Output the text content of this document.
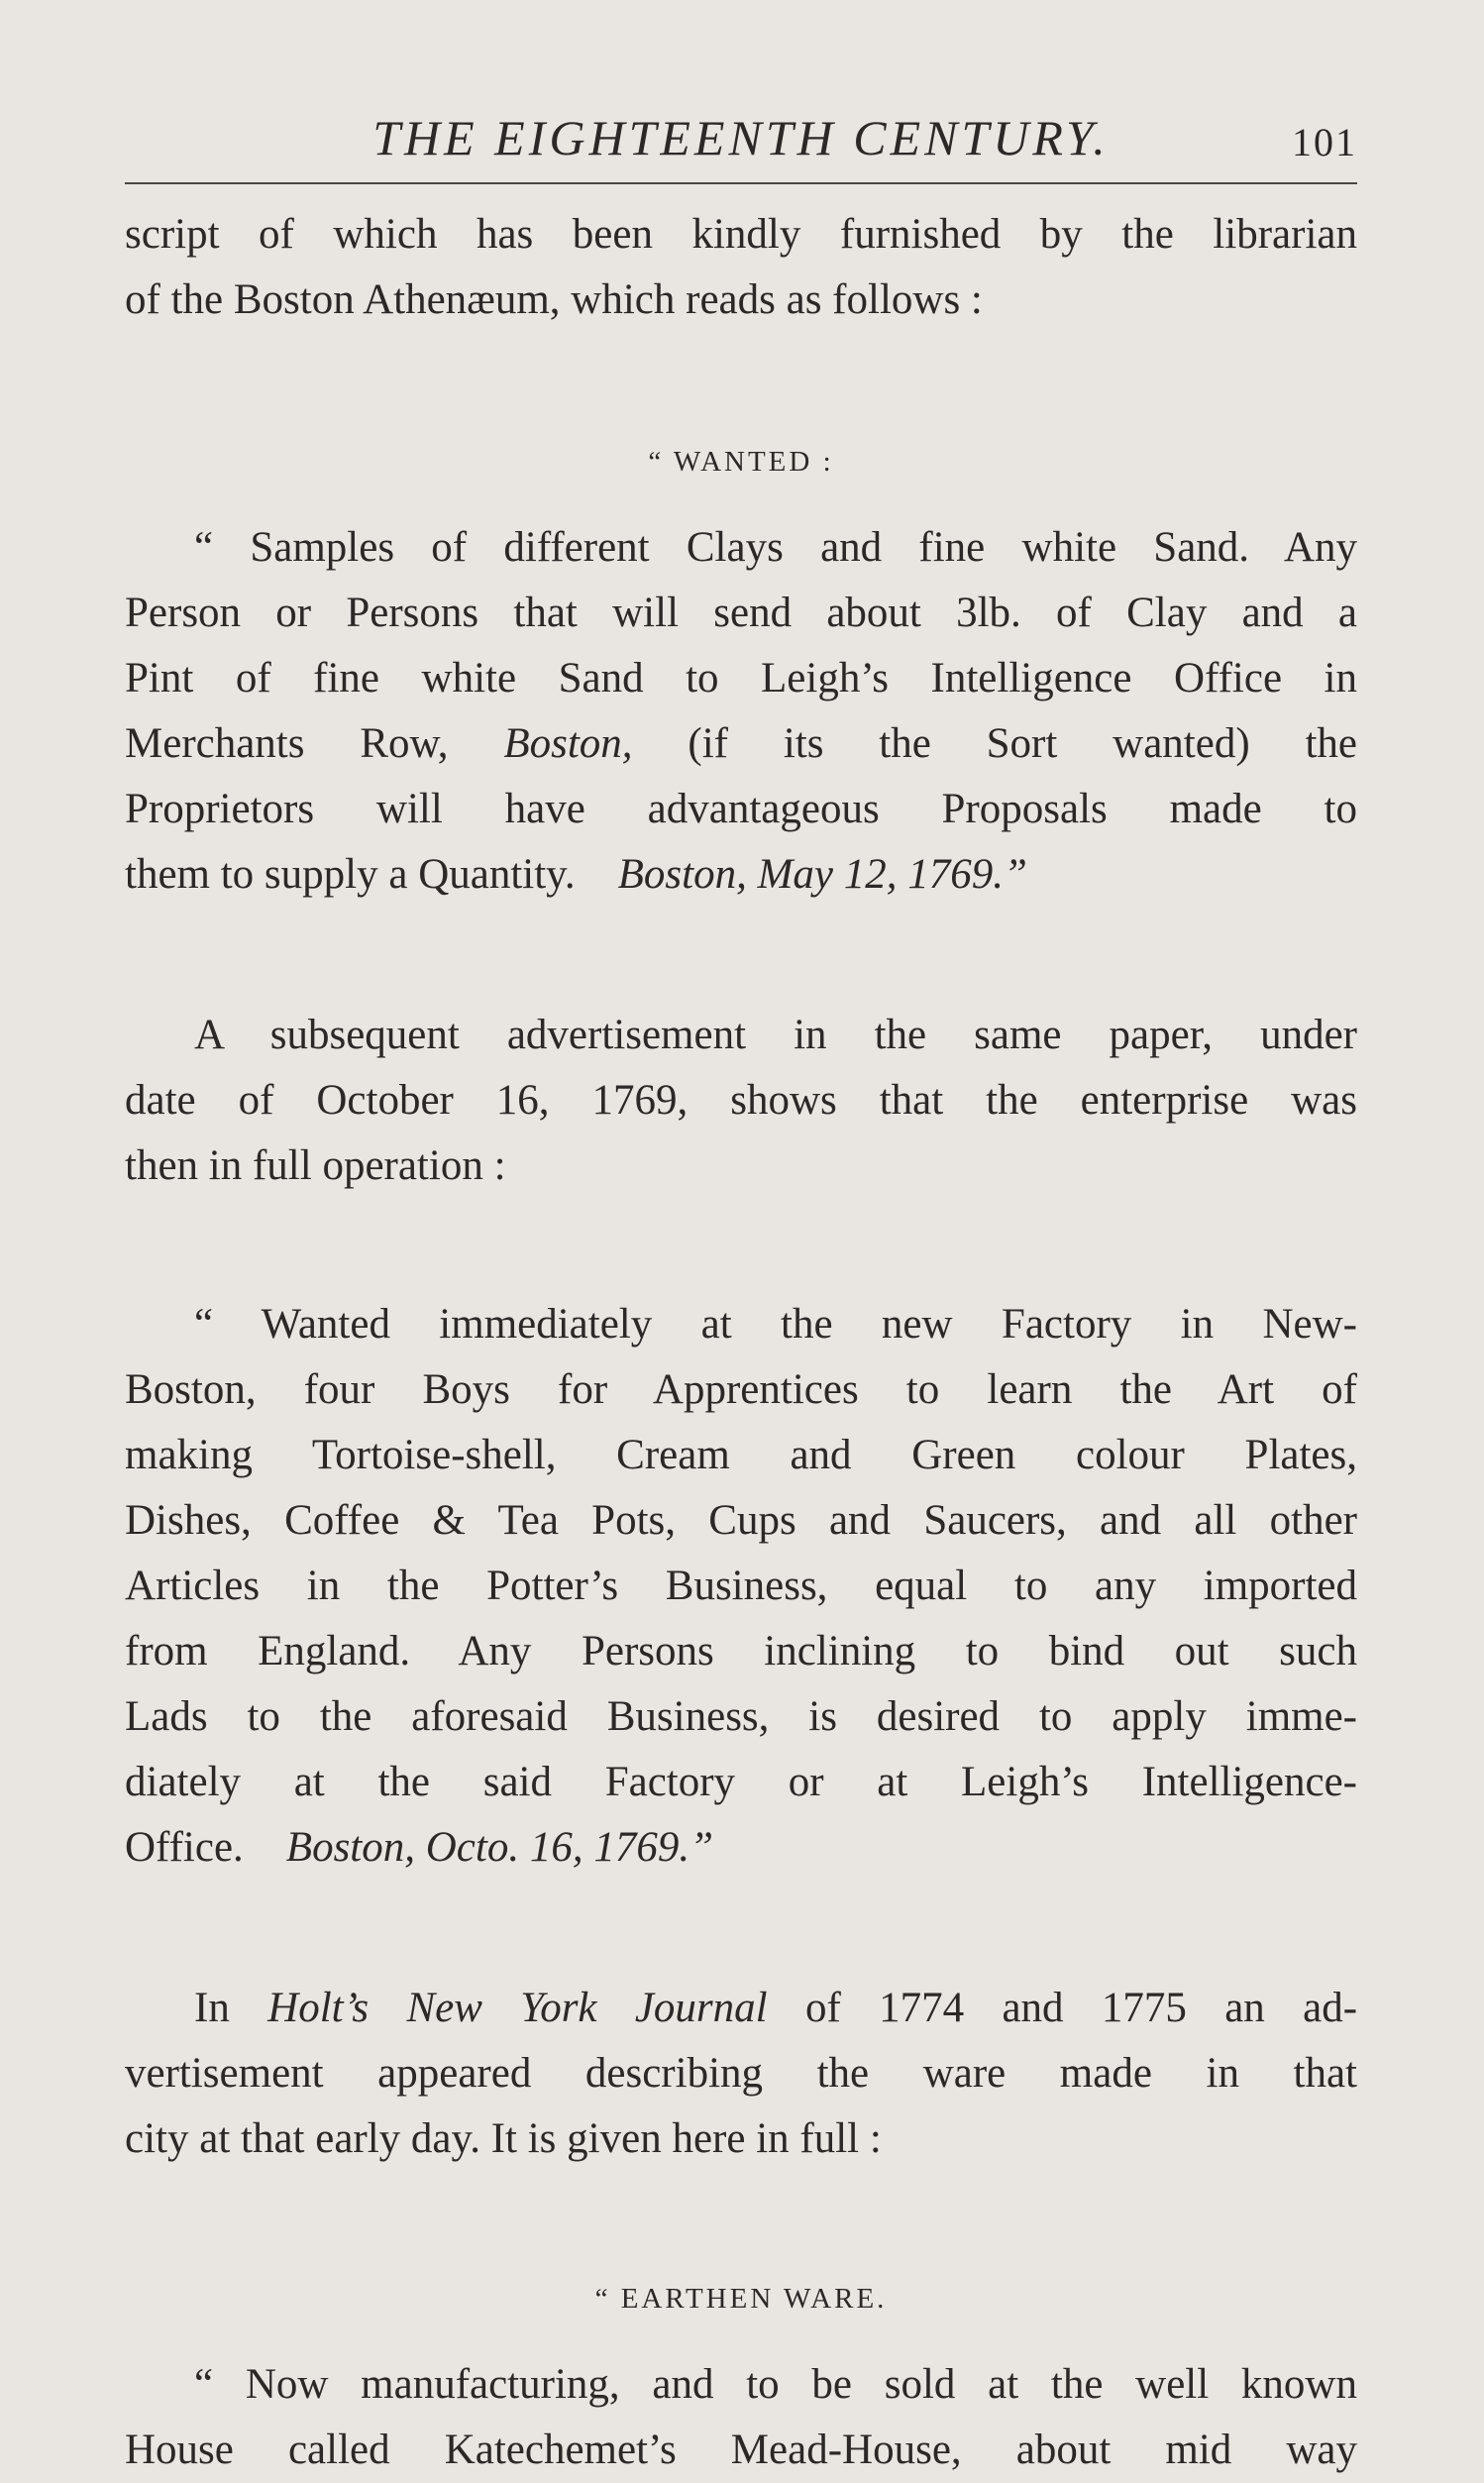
THE EIGHTEENTH CENTURY.	101
script of which has been kindly furnished by the librarian
of the Boston Athenæum, which reads as follows :
“ WANTED :
“ Samples of different Clays and fine white Sand. Any
Person or Persons that will send about 3lb. of Clay and a
Pint of fine white Sand to Leigh’s Intelligence Office in
Merchants Row, Boston, (if its the Sort wanted) the
Proprietors will have advantageous Proposals made to
them to supply a Quantity. Boston, May 12, 1769.”
A subsequent advertisement in the same paper, under
date of October 16, 1769, shows that the enterprise was
then in full operation :
“ Wanted immediately at the new Factory in New-
Boston, four Boys for Apprentices to learn the Art of
making Tortoise-shell, Cream and Green colour Plates,
Dishes, Coffee & Tea Pots, Cups and Saucers, and all other
Articles in the Potter’s Business, equal to any imported
from England. Any Persons inclining to bind out such
Lads to the aforesaid Business, is desired to apply imme-
diately at the said Factory or at Leigh’s Intelligence-
Office. Boston, Octo. 16, 1769.”
In Holt’s New York Journal of 1774 and 1775 an ad-
vertisement appeared describing the ware made in that
city at that early day. It is given here in full :
“ EARTHEN WARE.
“ Now manufacturing, and to be sold at the well known
House called Katechemet’s Mead-House, about mid way
